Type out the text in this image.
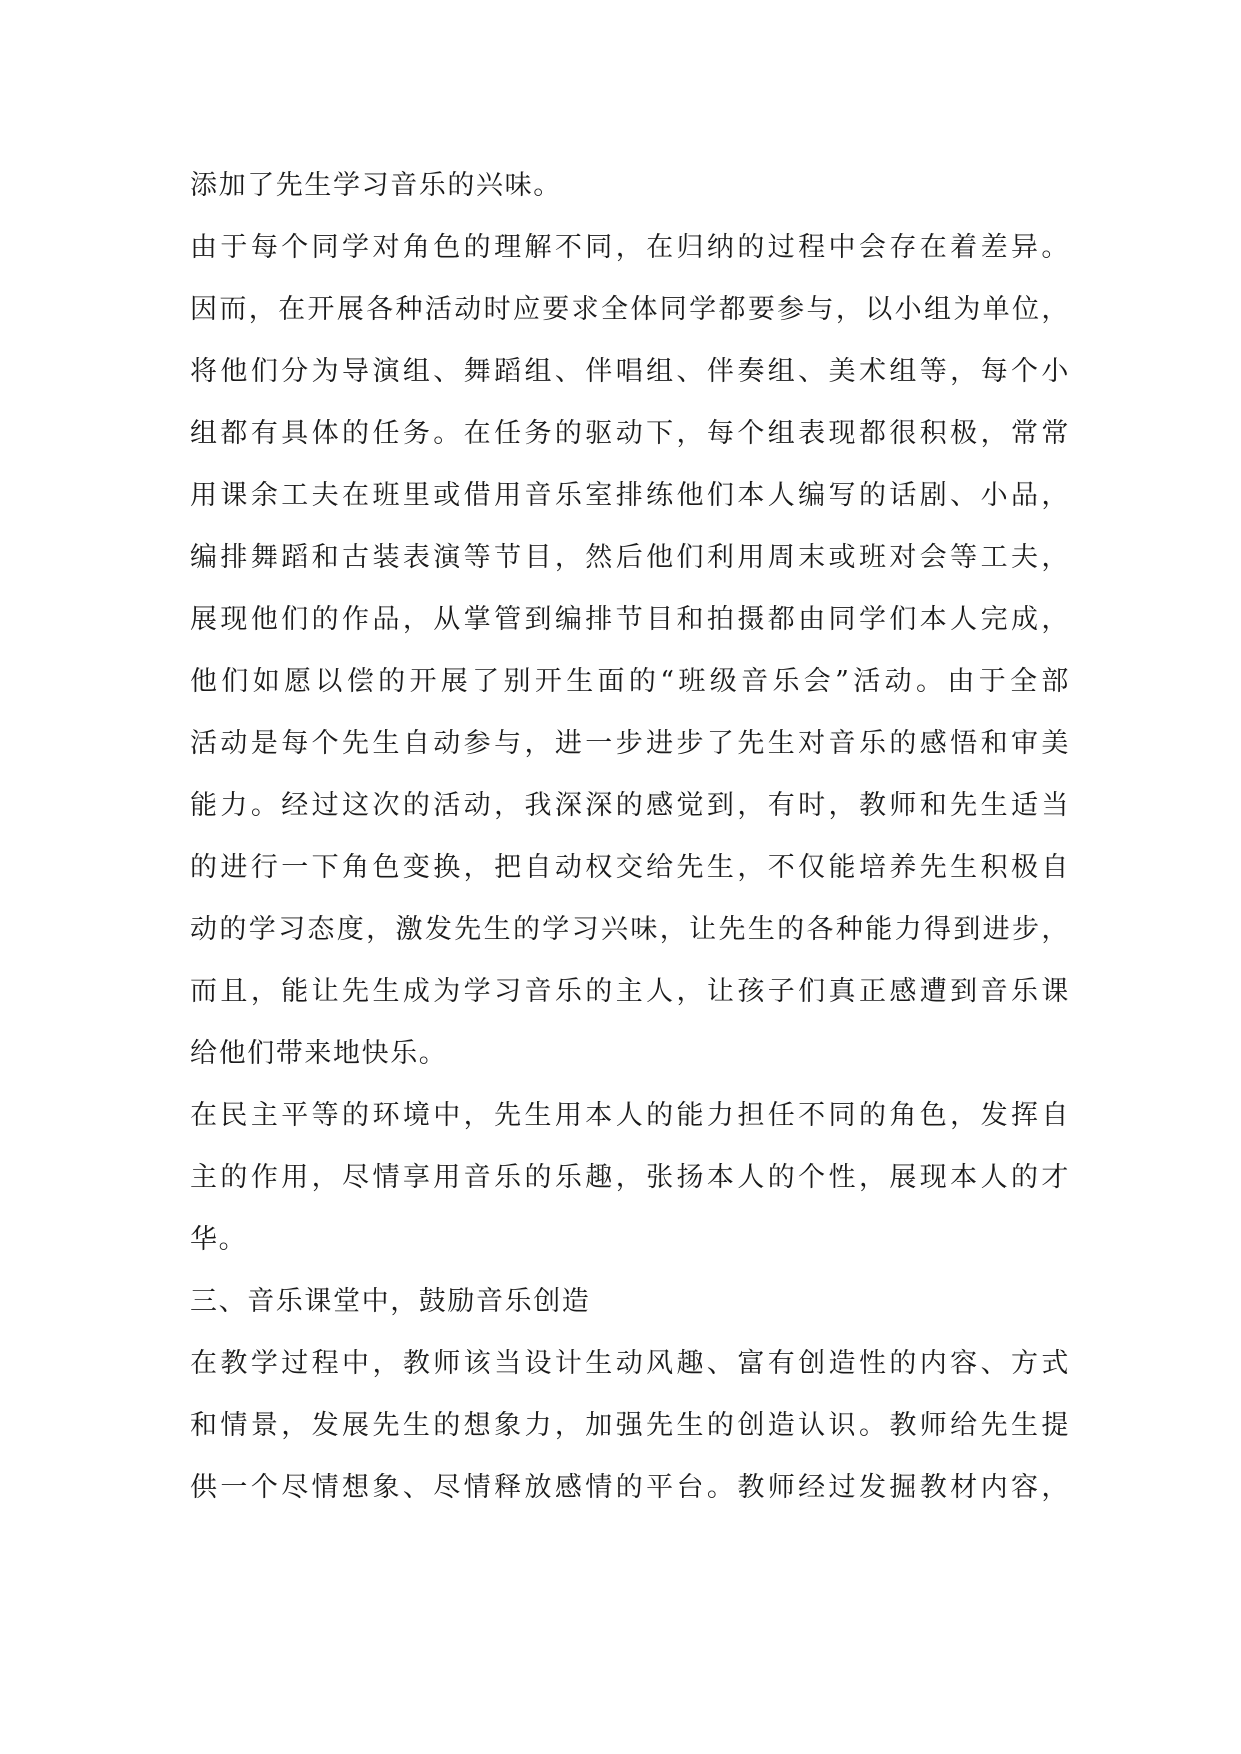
添加了先生学习音乐的兴味。
由于每个同学对角色的理解不同，在归纳的过程中会存在着差异。
因而，在开展各种活动时应要求全体同学都要参与，以小组为单位，
将他们分为导演组、舞蹈组、伴唱组、伴奏组、美术组等，每个小
组都有具体的任务。在任务的驱动下，每个组表现都很积极，常常
用课余工夫在班里或借用音乐室排练他们本人编写的话剧、小品，
编排舞蹈和古装表演等节目，然后他们利用周末或班对会等工夫，
展现他们的作品，从掌管到编排节目和拍摄都由同学们本人完成，
他们如愿以偿的开展了别开生面的“班级音乐会”活动。由于全部
活动是每个先生自动参与，进一步进步了先生对音乐的感悟和审美
能力。经过这次的活动，我深深的感觉到，有时，教师和先生适当
的进行一下角色变换，把自动权交给先生，不仅能培养先生积极自
动的学习态度，激发先生的学习兴味，让先生的各种能力得到进步，
而且，能让先生成为学习音乐的主人，让孩子们真正感遭到音乐课
给他们带来地快乐。
在民主平等的环境中，先生用本人的能力担任不同的角色，发挥自
主的作用，尽情享用音乐的乐趣，张扬本人的个性，展现本人的才
华。
三、音乐课堂中，鼓励音乐创造
在教学过程中，教师该当设计生动风趣、富有创造性的内容、方式
和情景，发展先生的想象力，加强先生的创造认识。教师给先生提
供一个尽情想象、尽情释放感情的平台。教师经过发掘教材内容，
